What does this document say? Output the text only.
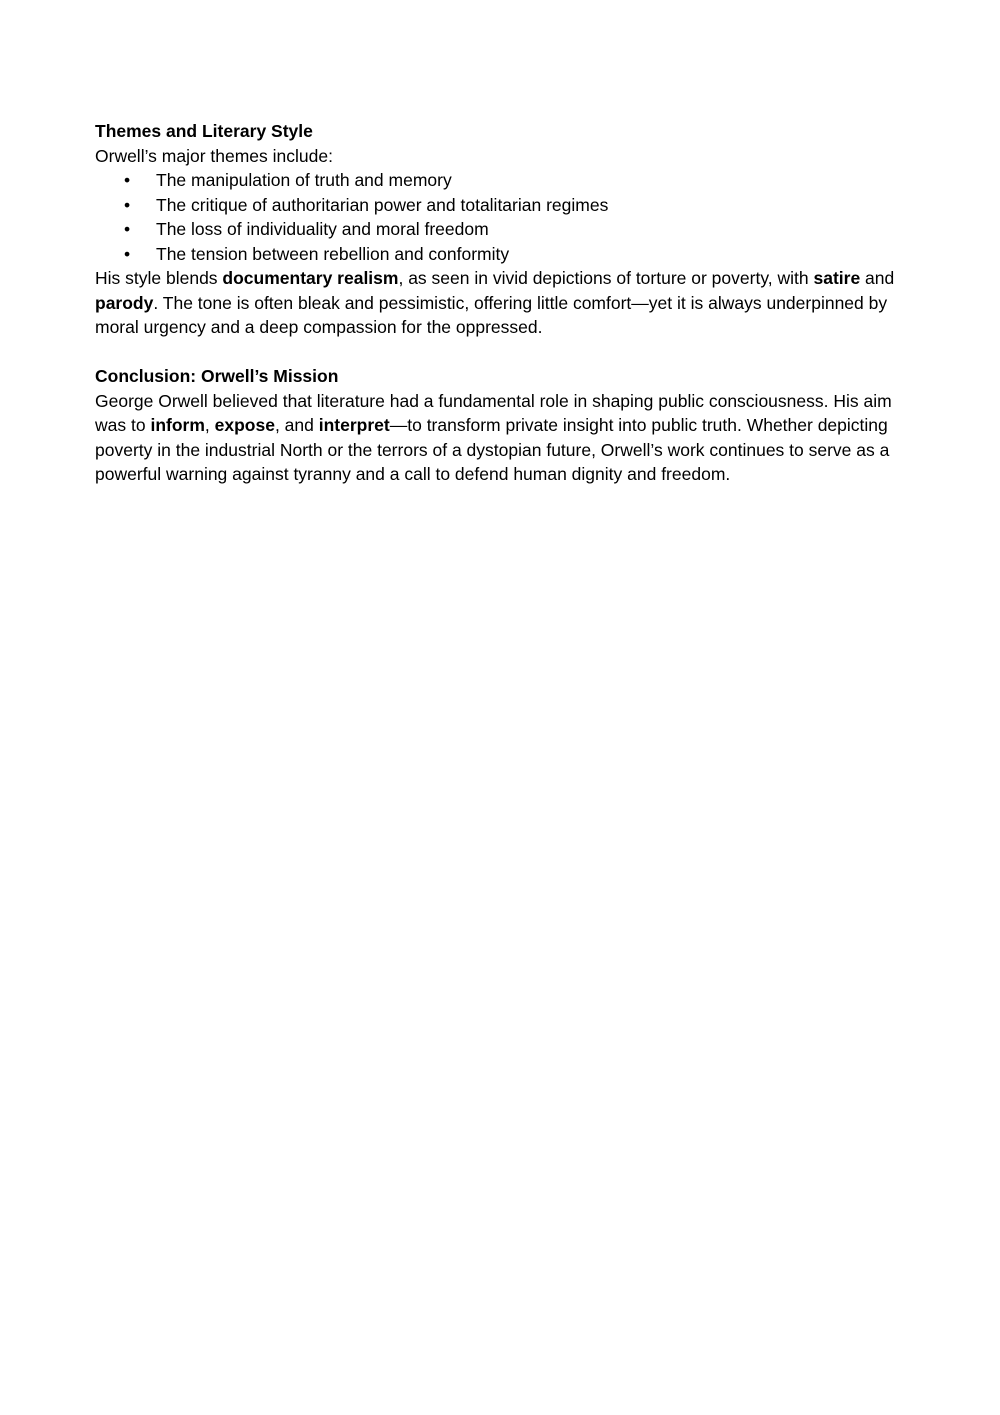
Themes and Literary Style

Orwell’s major themes include:

• The manipulation of truth and memory
• The critique of authoritarian power and totalitarian regimes
• The loss of individuality and moral freedom
• The tension between rebellion and conformity

His style blends documentary realism, as seen in vivid depictions of torture or poverty, with satire and parody. The tone is often bleak and pessimistic, offering little comfort—yet it is always underpinned by moral urgency and a deep compassion for the oppressed.

Conclusion: Orwell’s Mission

George Orwell believed that literature had a fundamental role in shaping public consciousness. His aim was to inform, expose, and interpret—to transform private insight into public truth. Whether depicting poverty in the industrial North or the terrors of a dystopian future, Orwell’s work continues to serve as a powerful warning against tyranny and a call to defend human dignity and freedom.
